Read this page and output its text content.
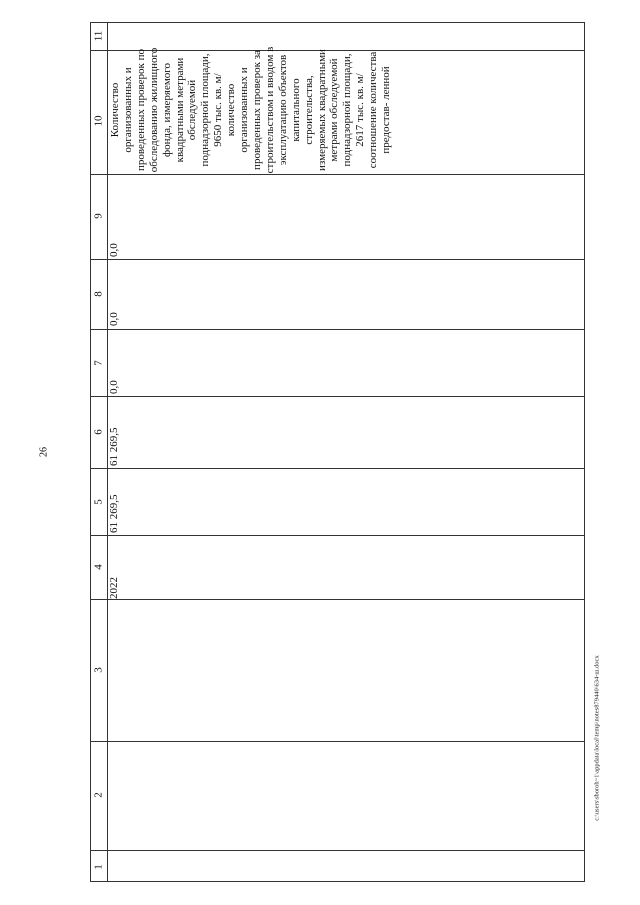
26
11
10
9
8
7
6
5
4
3
2
1
2022
61 269,5
61 269,5
0,0
0,0
0,0
Количество организованных и проведенных проверок по обследованию жилищного фонда, измеряемого квадратными метрами обследуемой поднадзорной площади, 9650 тыс. кв. м/ количество организованных и проведенных проверок за строительством и вводом в эксплуатацию объектов капитального строительства, измеряемых квадратными метрами обследуемой поднадзорной площади, 2617 тыс. кв. м/ соотношение количества предостав- ленной
c:\users\sboroh~1\appdata\local\temp\notes879440\634-ш.docx
